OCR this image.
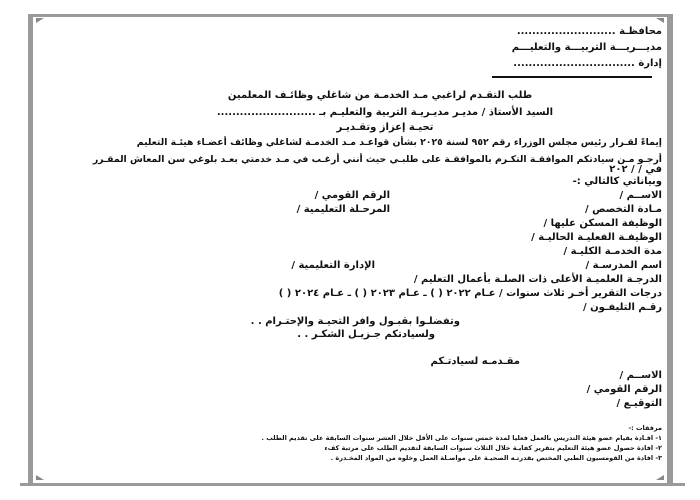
محافظـة ..........................
مديـــريـــة التربيـــة والتعليـــم
إدارة ................................
طلب التقـدم لراغبي مـد الخدمـة من شاغلي وظائـف المعلمين
السيد الأستاذ / مديـر مديـريـة التربية والتعليـم بـ ..........................
تحيـة إعزاز وتقـديـر
إيماءً لقـرار رئيس مجلس الوزراء رقم ٩٥٢ لسنة ٢٠٢٥ بشأن قواعـد مـد الخدمـة لشاغلي وظائف أعضـاء هيئـة التعليم
أرجـو مـن سيادتكم الموافقـة التكـرم بالموافقـة على طلبـي حيث أنني أرغـب في مـد خدمتي بعـد بلوغي سن المعاش المقـرر
في / / ٢٠٢
وبياناتي كالتالي :-
الاســم /
الرقم القومي /
مـادة التخصص /
المرحـلة التعليمية /
الوظيفة المسكن عليها /
الوظيفـة الفعليـة الحاليـة /
مدة الخدمـة الكليـة /
اسم المدرسـة /
الإدارة التعليمية /
الدرجـة العلميـة الأعلى ذات الصلـة بأعمال التعليم /
درجات التقرير أخـر ثلاث سنوات / عـام ٢٠٢٢ ( ) ـ عـام ٢٠٢٣ ( ) ـ عـام ٢٠٢٤ ( )
رقـم التليفـون /
وتفضلـوا بقبـول وافر التحيـة والإحتـرام . .
ولسيادتكم جـزيـل الشكـر . .
مقـدمـه لسيادتـكم
الاســم /
الرقم القومي /
التوقيـع /
مرفقات :-
١- افـادة بقيام عضو هيئة التدريس بالعمل فعليا لمدة خمس سنوات على الأقل خلال العشر سنوات السابقة على تقديم الطلب .
٢- افادة حصول عضو هيئة التعليم بتقرير كفايـة خلال الثلاث سنوات السابقة لتقديم الطلب على مرتبة كفء
٣- افادة من القومسيون الطبي المختص بقدرتـه الصحيـة على مواصـلة العمل وخلوه من المواد المخـدرة .
